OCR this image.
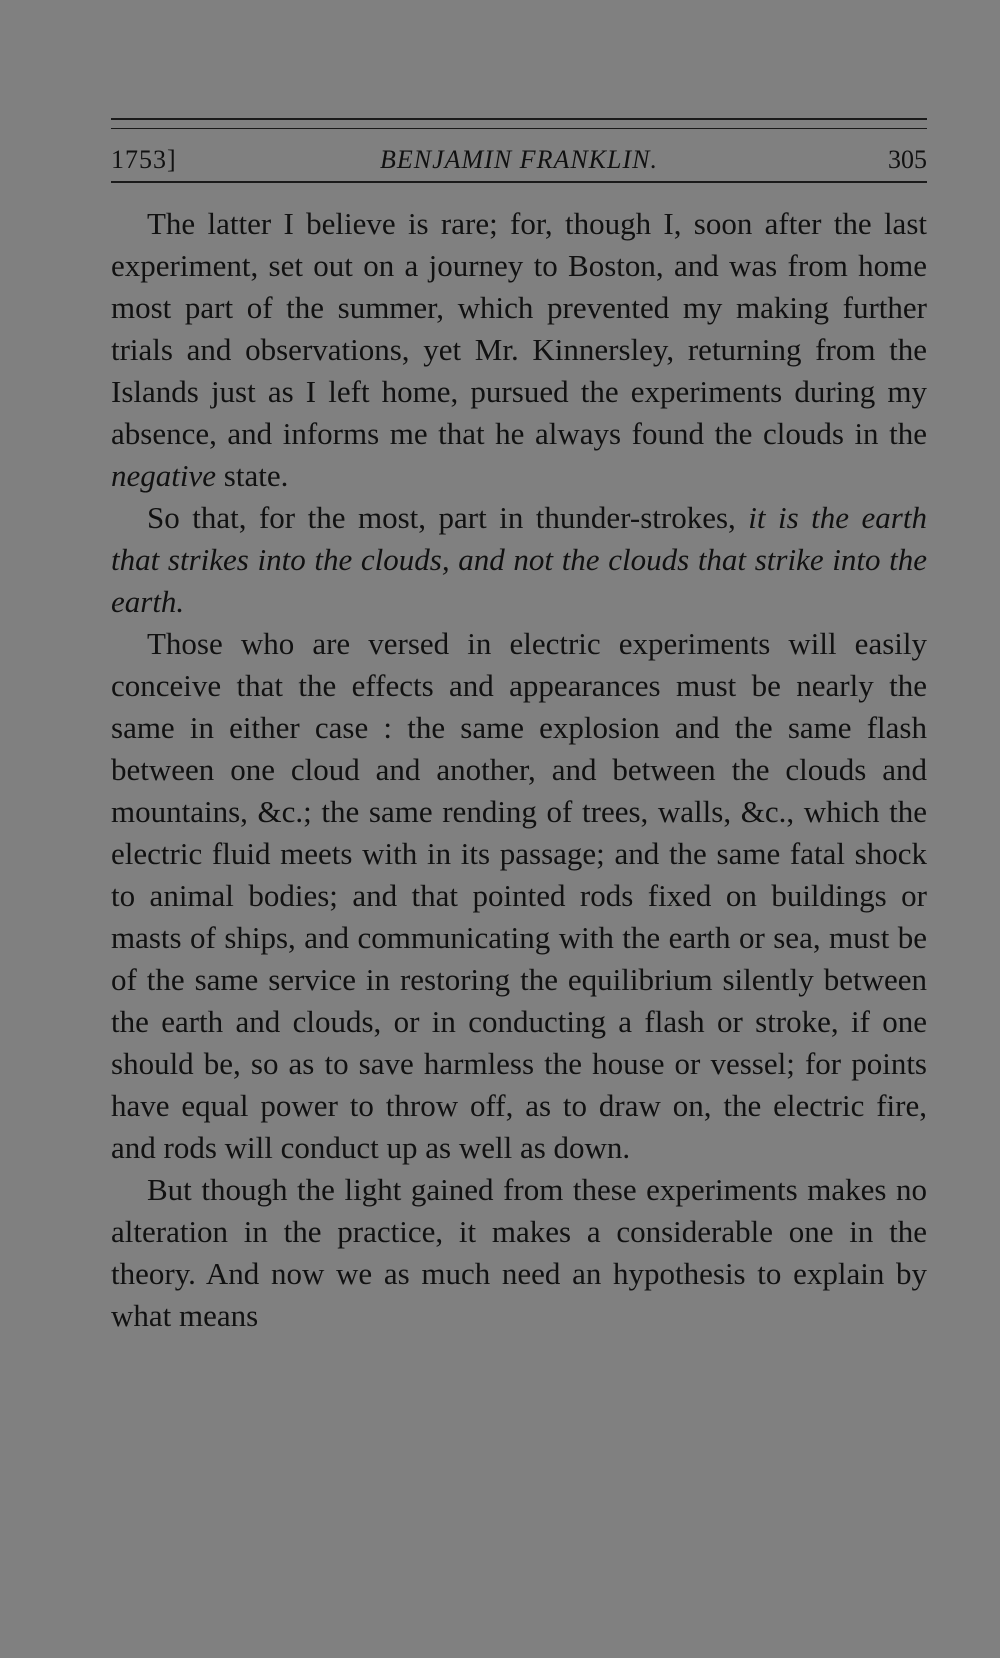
1753]	BENJAMIN FRANKLIN.	305

The latter I believe is rare; for, though I, soon after the last experiment, set out on a journey to Boston, and was from home most part of the summer, which prevented my making further trials and observations, yet Mr. Kinnersley, returning from the Islands just as I left home, pursued the experiments during my absence, and informs me that he always found the clouds in the negative state.

So that, for the most, part in thunder-strokes, it is the earth that strikes into the clouds, and not the clouds that strike into the earth.

Those who are versed in electric experiments will easily conceive that the effects and appearances must be nearly the same in either case : the same explosion and the same flash between one cloud and another, and between the clouds and mountains, &c.; the same rending of trees, walls, &c., which the electric fluid meets with in its passage; and the same fatal shock to animal bodies; and that pointed rods fixed on buildings or masts of ships, and communicating with the earth or sea, must be of the same service in restoring the equilibrium silently between the earth and clouds, or in conducting a flash or stroke, if one should be, so as to save harmless the house or vessel; for points have equal power to throw off, as to draw on, the electric fire, and rods will conduct up as well as down.

But though the light gained from these experiments makes no alteration in the practice, it makes a considerable one in the theory. And now we as much need an hypothesis to explain by what means
